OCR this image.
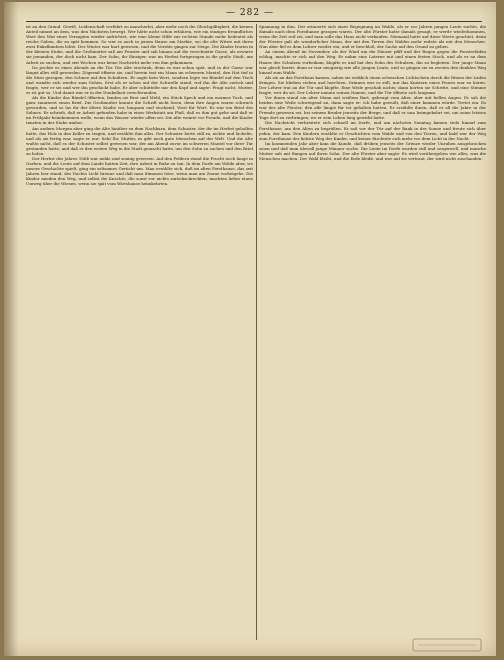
— 282 —

ist an den Grund. Gewiß, Leidenschaft verführt zu mancherlei, aber mehr noch die Gleichgültigkeit, die keinen Anteil nimmt an dem, was den Nächsten bewegt. Wer hätte nicht schon erfahren, wie ein einziges freundliches Wort den Mut eines Verzagten wieder aufrichtet, wie eine kleine Hilfe zur rechten Stunde mehr bedeutet als reiche Gaben, die zu spät kommen. So war es auch in jenem Hause am Markte, wo die alte Witwe mit ihren zwei Enkelkindern lebte. Der Winter war hart gewesen, und die Vorräte gingen zur Neige. Die Kinder froren in der kleinen Stube, und die Großmutter saß am Fenster und sah hinaus auf die verschneite Gasse, als erwarte sie jemanden, der doch nicht kam. Der Sohn, ihr Einziger, war im Herbst fortgezogen in die große Stadt, um Arbeit zu suchen, und seit Wochen war keine Nachricht mehr von ihm gekommen.

Da pochte es eines Abends an die Tür. Die Alte erschrak, denn es war schon spät, und in der Gasse war längst alles still geworden. Zögernd öffnete sie, und herein trat ein Mann im schweren Mantel, den Hut tief in die Stirn gezogen, den Schnee auf den Schultern. Er sagte kein Wort, sondern legte ein Bündel auf den Tisch und wandte sich wieder zum Gehen. Erst als er schon auf der Schwelle stand, rief ihn die Alte zurück und fragte, wer er sei und wer ihn geschickt habe. Er aber schüttelte nur den Kopf und sagte: Fragt nicht, Mutter, es ist gut so. Und damit war er in der Dunkelheit verschwunden.

Als die Kinder das Bündel öffneten, fanden sie Brot und Mehl, ein Stück Speck und ein warmes Tuch, und ganz zuunterst einen Brief. Die Großmutter konnte die Schrift nicht lesen, denn ihre Augen waren schwach geworden, und so las ihr der ältere Knabe vor, langsam und stockend, Wort für Wort. Es war ein Brief des Sohnes. Er schrieb, daß er Arbeit gefunden habe in einer Werkstatt am Fluß, daß es ihm gut gehe und daß er im Frühjahr heimkommen wolle, wenn das Wasser wieder offen sei. Die Alte weinte vor Freude, und die Kinder tanzten in der Stube umher.

Am andern Morgen aber ging die Alte hinüber zu dem Nachbarn, dem Schuster, der ihr im Herbst geholfen hatte, das Holz in den Keller zu tragen, und erzählte ihm alles. Der Schuster hörte still zu, nickte und lächelte, und als sie fertig war, sagte er nur: Seht Ihr, Mutter, es gibt noch gute Menschen auf der Welt. Und die Alte wußte nicht, daß es der Schuster selbst gewesen war, der am Abend zuvor im schweren Mantel vor ihrer Tür gestanden hatte, und daß er den weiten Weg in die Stadt gemacht hatte, um den Sohn zu suchen und den Brief zu holen.

Der Herbst des Jahres 1864 war milde und sonnig gewesen. Auf den Feldern stand die Frucht noch lange in Garben, und die Leute auf dem Lande hatten Zeit, ihre Arbeit in Ruhe zu tun. In dem Dorfe am Walde aber, wo unsere Geschichte spielt, ging ein seltsames Gerücht um. Man erzählte sich, daß im alten Forsthause, das seit Jahren leer stand, des Nachts Licht brenne und daß man Stimmen höre, wenn man am Zaune vorbeigehe. Die Kinder mieden den Weg, und selbst die Knechte, die sonst vor nichts zurückschreckten, machten lieber einen Umweg über die Wiesen, wenn sie spät vom Wirtshause heimkehrten.

Spannung in ihm. Der erinnerte sich einer Begegnung im Walde, als er vor Jahren jungen Leute suchte, die damals nach dem Forsthause gezogen waren. Der alte Förster hatte damals gesagt, er werde wiederkommen, wenn die Zeit reif sei, und man solle das Haus nicht verkaufen. Niemand hatte auf diese Worte geachtet, denn der Förster galt als wunderlicher Mann, der mit den Tieren des Waldes mehr redete als mit den Menschen. Nun aber fiel es dem Lehrer wieder ein, und er beschloß, der Sache auf den Grund zu gehen.

An einem Abend im November, als der Wind um die Häuser pfiff und der Regen gegen die Fensterläden schlug, machte er sich auf den Weg. Er nahm eine Laterne mit und einen festen Stock, und als er an dem Hause des Schulzen vorbeikam, klopfte er und bat den Sohn des Schulzen, ihn zu begleiten. Der junge Mann war gleich bereit, denn er war neugierig wie alle jungen Leute, und so gingen sie zu zweien den dunklen Weg hinauf zum Walde.

Als sie an das Forsthaus kamen, sahen sie wirklich einen schwachen Lichtschein durch die Ritzen der Läden dringen. Sie blieben stehen und horchten. Drinnen war es still, nur das Knistern eines Feuers war zu hören. Der Lehrer trat an die Tür und klopfte. Eine Weile geschah nichts; dann hörten sie Schritte, und eine Stimme fragte, wer da sei. Der Lehrer nannte seinen Namen, und die Tür öffnete sich langsam.

Vor ihnen stand ein alter Mann mit weißem Bart, gebeugt vom Alter, aber mit hellen Augen. Er sah die beiden eine Weile schweigend an, dann sagte er: Ich habe gewußt, daß einer kommen würde. Tretet ein. Es war der alte Förster, den alle längst für tot gehalten hatten. Er erzählte ihnen, daß er all die Jahre in der Fremde gewesen sei, bei seinem Bruder jenseits der Berge, und daß er nun heimgekehrt sei, um seine letzten Tage dort zu verbringen, wo er sein Leben lang gewirkt hatte.

Die Nachricht verbreitete sich schnell im Dorfe, und am nächsten Sonntag kamen viele hinauf zum Forsthause, um den Alten zu begrüßen. Er saß vor der Tür auf der Bank in der Sonne und freute sich über jeden, der kam. Den Kindern erzählte er Geschichten vom Walde und von den Tieren, und bald war der Weg zum Forsthause der liebste Weg der Kinder, und keiner fürchtete sich mehr vor dem Licht in der Nacht.

Im kommenden Jahr aber kam die Kunde, daß drüben jenseits der Grenze wieder Unruhen ausgebrochen seien und daß man überall junge Männer suche. Die Leute im Dorfe wurden still und sorgenvoll, und manche Mutter sah mit Bangen auf ihren Sohn. Der alte Förster aber sagte: Es wird vorübergehen wie alles, was die Menschen machen. Der Wald bleibt, und die Erde bleibt, und wer auf sie vertraut, der wird nicht zuschanden.
